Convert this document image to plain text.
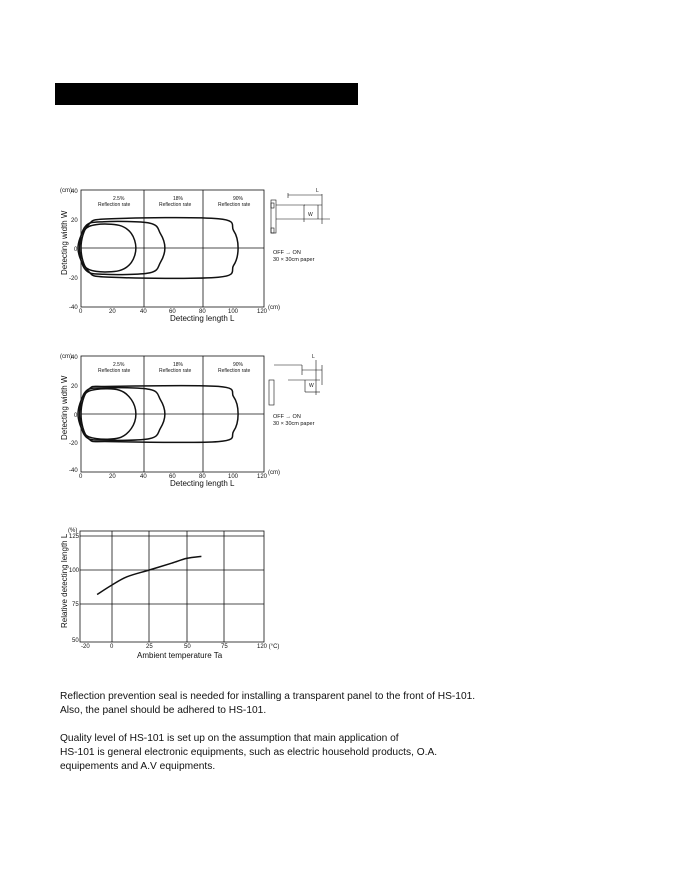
(cm)
(cm)
Detecting width W
Detecting length L
40
20
0
-20
-40
0	20	40	60	80	100	120
2.5%
Reflection rate
18%
Reflection rate
90%
Reflection rate
L
W
OFF → ON
30 × 30cm paper
(cm)
(cm)
Detecting width W
Detecting length L
40
20
0
-20
-40
0	20	40	60	80	100	120
2.5%
Reflection rate
18%
Reflection rate
90%
Reflection rate
L
W
OFF → ON
30 × 30cm paper
(%)
Relative detecting length L
Ambient temperature Ta
125
100
75
50
-20	0	25	50	75	120 (°C)
Reflection prevention seal is needed for installing a transparent panel to the front of HS-101.
Also, the panel should be adhered to HS-101.
Quality level of HS-101 is set up on the assumption that main application of
HS-101 is general electronic equipments, such as electric household products, O.A.
equipements and A.V equipments.
